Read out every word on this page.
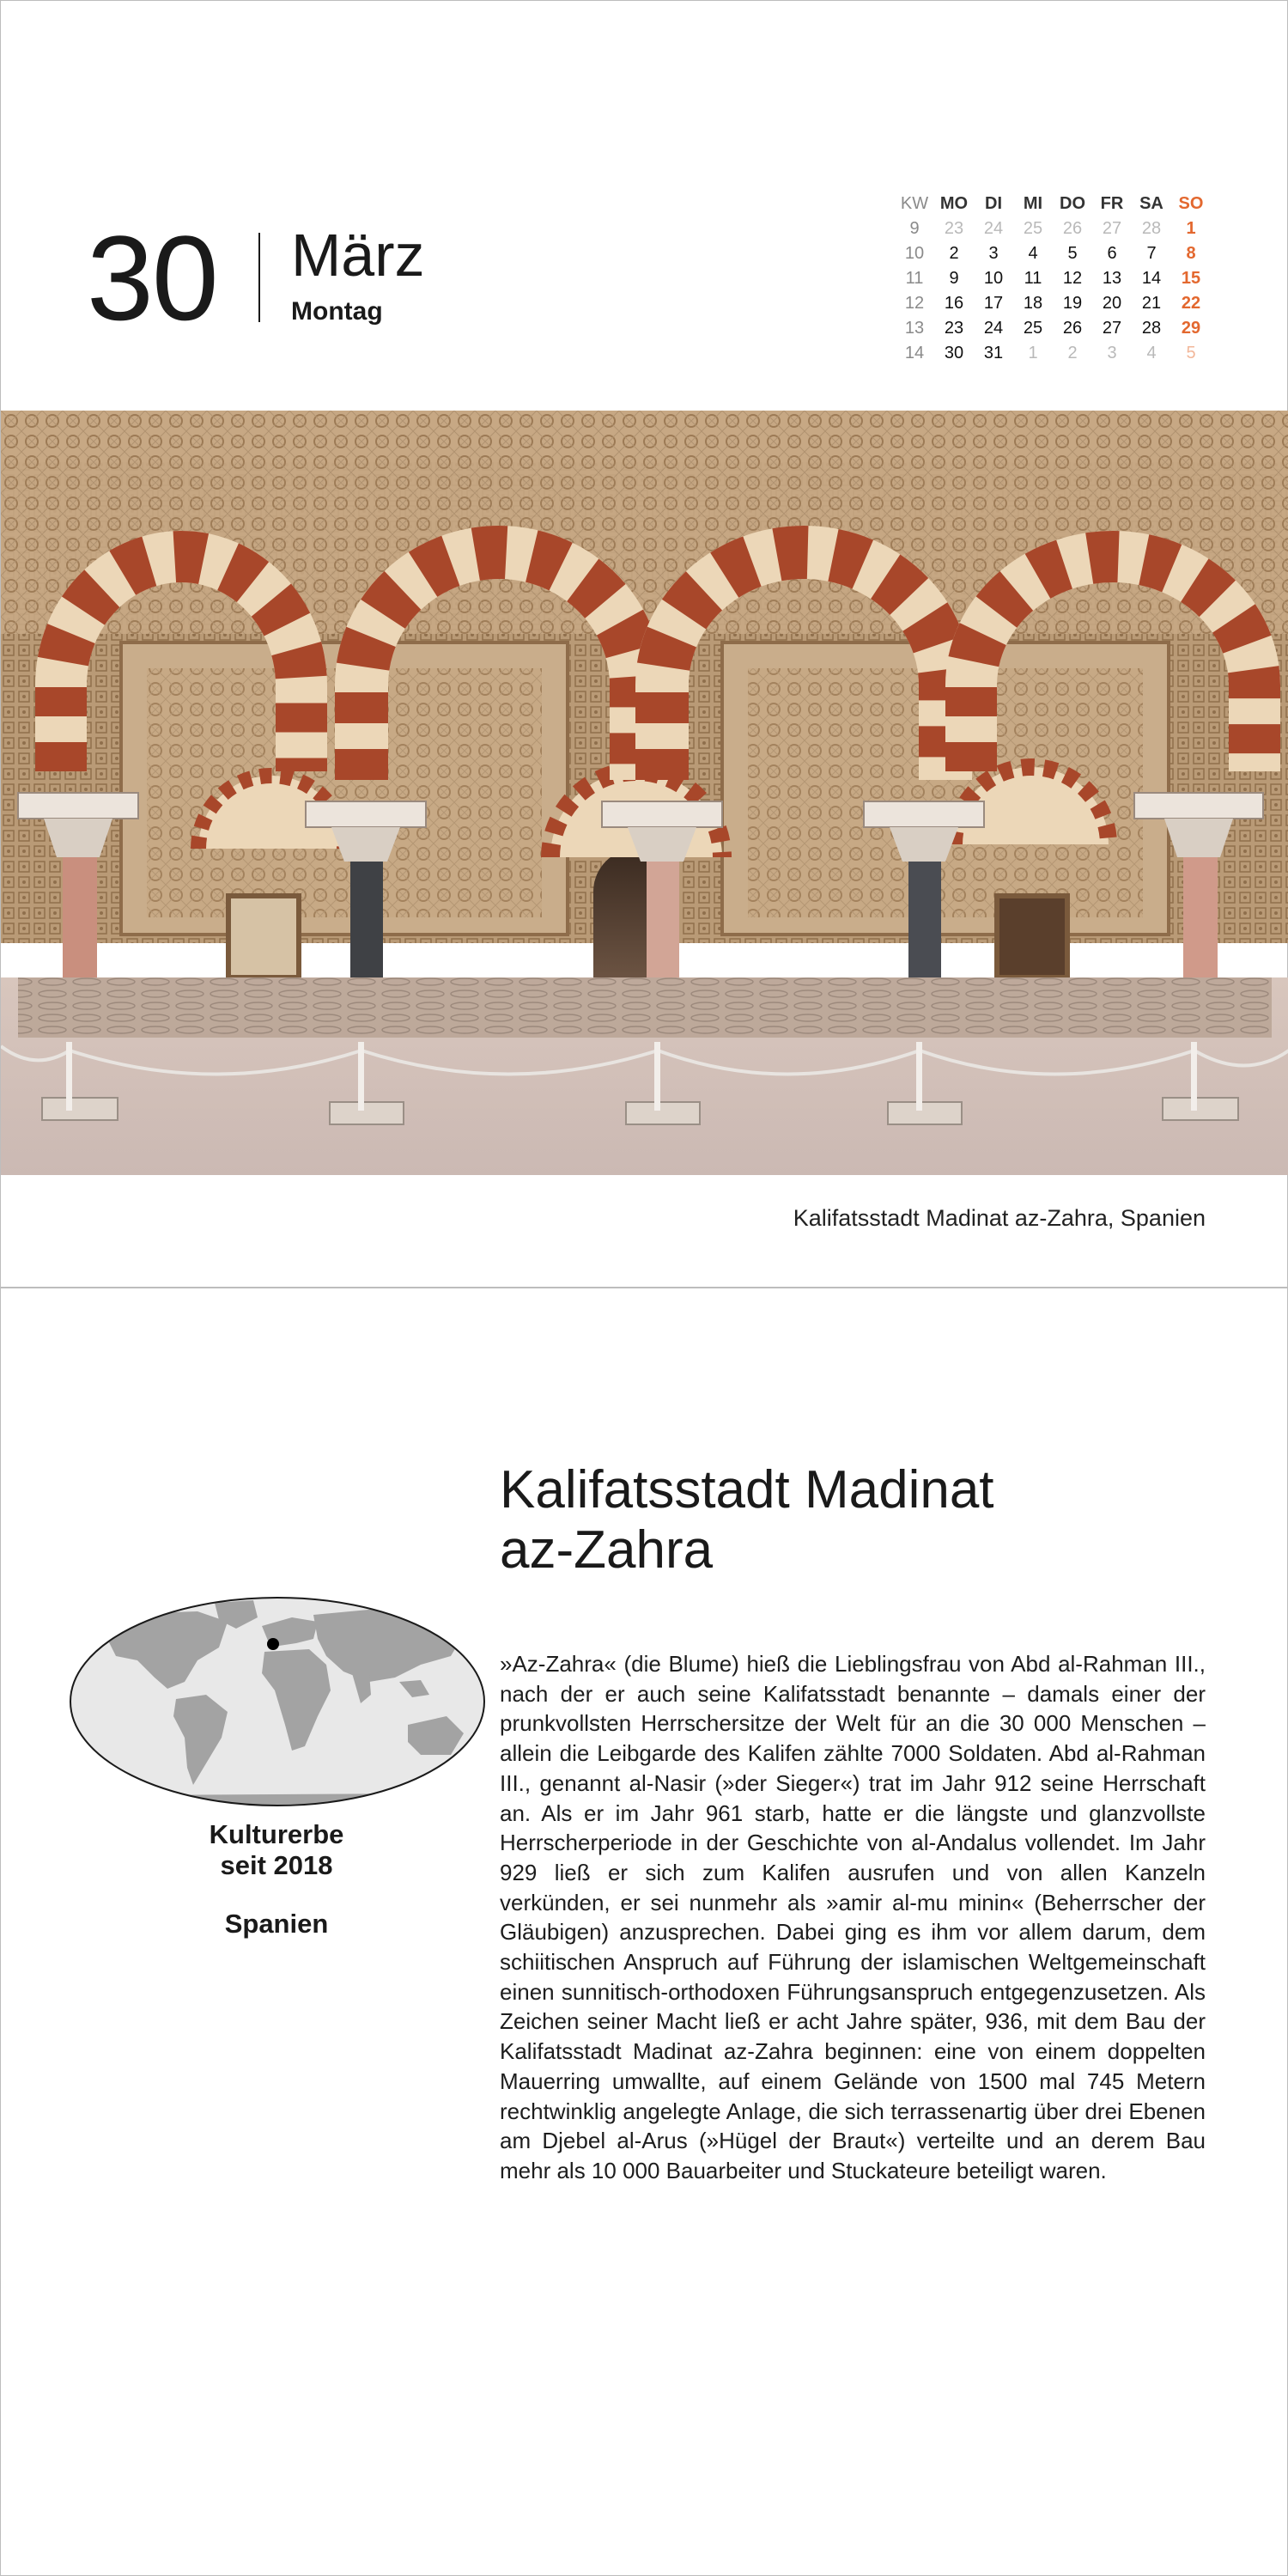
30 März
Montag
KW	MO	DI	MI	DO	FR	SA	SO
9	23	24	25	26	27	28	1
10	2	3	4	5	6	7	8
11	9	10	11	12	13	14	15
12	16	17	18	19	20	21	22
13	23	24	25	26	27	28	29
14	30	31	1	2	3	4	5
Kalifatsstadt Madinat az-Zahra, Spanien
Kalifatsstadt Madinat
az-Zahra

Kulturerbe
seit 2018

Spanien

»Az-Zahra« (die Blume) hieß die Lieblingsfrau von Abd al-Rahman III., nach der er auch seine Kalifatsstadt benannte – damals einer der prunkvollsten Herrschersitze der Welt für an die 30 000 Menschen – allein die Leibgarde des Kalifen zählte 7000 Soldaten. Abd al-Rahman III., genannt al-Nasir (»der Sieger«) trat im Jahr 912 seine Herrschaft an. Als er im Jahr 961 starb, hatte er die längste und glanzvollste Herrscherperiode in der Geschichte von al-Andalus vollendet. Im Jahr 929 ließ er sich zum Kalifen ausrufen und von allen Kanzeln verkünden, er sei nunmehr als »amir al-mu minin« (Beherrscher der Gläubigen) anzusprechen. Dabei ging es ihm vor allem darum, dem schiitischen Anspruch auf Führung der islamischen Weltgemeinschaft einen sunnitisch-orthodoxen Führungsanspruch entgegenzusetzen. Als Zeichen seiner Macht ließ er acht Jahre später, 936, mit dem Bau der Kalifatsstadt Madinat az-Zahra beginnen: eine von einem doppelten Mauerring umwallte, auf einem Gelände von 1500 mal 745 Metern rechtwinklig angelegte Anlage, die sich terrassenartig über drei Ebenen am Djebel al-Arus (»Hügel der Braut«) verteilte und an derem Bau mehr als 10 000 Bauarbeiter und Stuckateure beteiligt waren.
